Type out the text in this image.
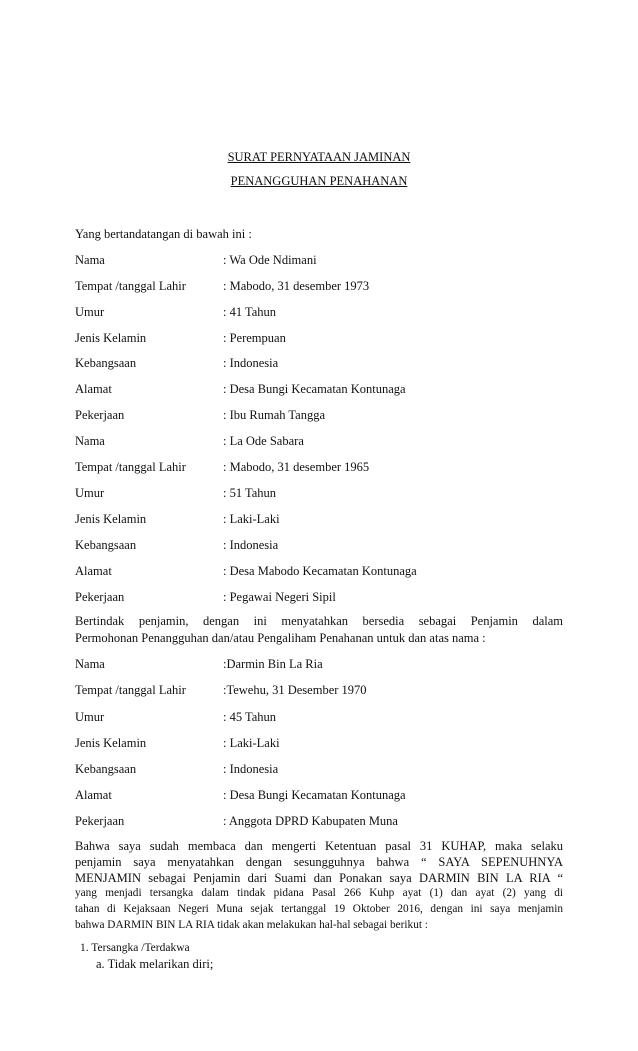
SURAT PERNYATAAN JAMINAN
PENANGGUHAN PENAHANAN
Yang bertandatangan di bawah ini :
Nama	: Wa Ode Ndimani
Tempat /tanggal Lahir	: Mabodo, 31 desember 1973
Umur	: 41 Tahun
Jenis Kelamin	: Perempuan
Kebangsaan	: Indonesia
Alamat	: Desa Bungi Kecamatan Kontunaga
Pekerjaan	: Ibu Rumah Tangga
Nama	: La Ode Sabara
Tempat /tanggal Lahir	: Mabodo, 31 desember 1965
Umur	: 51 Tahun
Jenis Kelamin	: Laki-Laki
Kebangsaan	: Indonesia
Alamat	: Desa Mabodo Kecamatan Kontunaga
Pekerjaan	: Pegawai Negeri Sipil
Bertindak penjamin, dengan ini menyatahkan bersedia sebagai Penjamin dalam
Permohonan Penangguhan dan/atau Pengaliham Penahanan untuk dan atas nama :
Nama	:Darmin Bin La Ria
Tempat /tanggal Lahir	:Tewehu, 31 Desember 1970
Umur	: 45 Tahun
Jenis Kelamin	: Laki-Laki
Kebangsaan	: Indonesia
Alamat	: Desa Bungi Kecamatan Kontunaga
Pekerjaan	: Anggota DPRD Kabupaten Muna
Bahwa saya sudah membaca dan mengerti Ketentuan pasal 31 KUHAP, maka selaku
penjamin saya menyatahkan dengan sesungguhnya bahwa “ SAYA SEPENUHNYA
MENJAMIN sebagai Penjamin dari Suami dan Ponakan saya DARMIN BIN LA RIA “
yang menjadi tersangka dalam tindak pidana Pasal 266 Kuhp ayat (1) dan ayat (2) yang di
tahan di Kejaksaan Negeri Muna sejak tertanggal 19 Oktober 2016, dengan ini saya menjamin
bahwa DARMIN BIN LA RIA tidak akan melakukan hal-hal sebagai berikut :
1. Tersangka /Terdakwa
a. Tidak melarikan diri;
